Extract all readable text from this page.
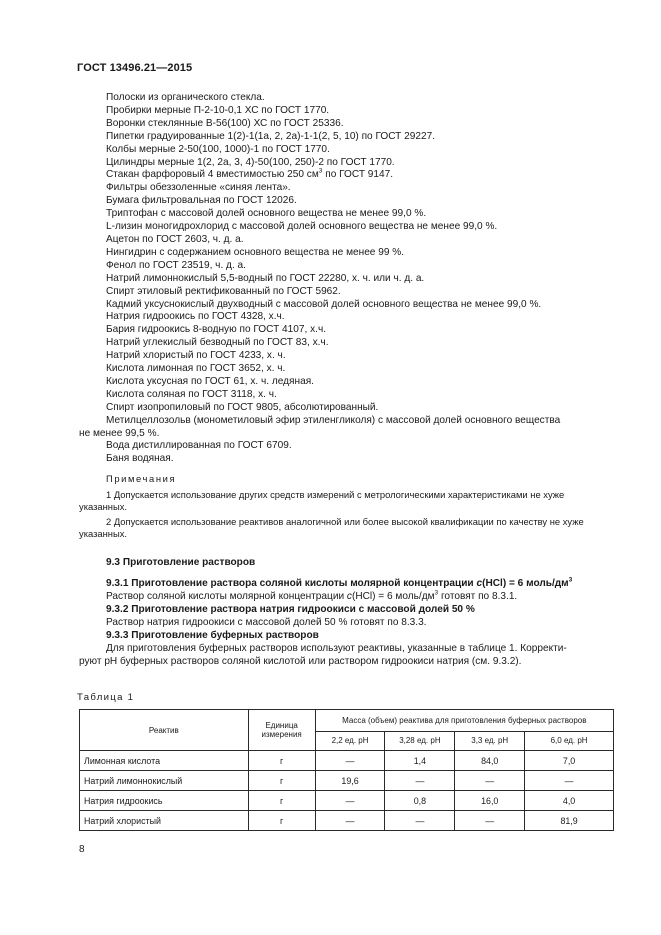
ГОСТ 13496.21—2015
Полоски из органического стекла.
Пробирки мерные П-2-10-0,1 ХС по ГОСТ 1770.
Воронки стеклянные В-56(100) ХС по ГОСТ 25336.
Пипетки градуированные 1(2)-1(1а, 2, 2а)-1-1(2, 5, 10) по ГОСТ 29227.
Колбы мерные 2-50(100, 1000)-1 по ГОСТ 1770.
Цилиндры мерные 1(2, 2а, 3, 4)-50(100, 250)-2 по ГОСТ 1770.
Стакан фарфоровый 4 вместимостью 250 $см^3$ по ГОСТ 9147.
Фильтры обеззоленные «синяя лента».
Бумага фильтровальная по ГОСТ 12026.
Триптофан с массовой долей основного вещества не менее 99,0 %.
L-лизин моногидрохлорид с массовой долей основного вещества не менее 99,0 %.
Ацетон по ГОСТ 2603, ч. д. а.
Нингидрин с содержанием основного вещества не менее 99 %.
Фенол по ГОСТ 23519, ч. д. а.
Натрий лимоннокислый 5,5-водный по ГОСТ 22280, х. ч. или ч. д. а.
Спирт этиловый ректификованный по ГОСТ 5962.
Кадмий уксуснокислый двухводный с массовой долей основного вещества не менее 99,0 %.
Натрия гидроокись по ГОСТ 4328, х.ч.
Бария гидроокись 8-водную по ГОСТ 4107, х.ч.
Натрий углекислый безводный по ГОСТ 83, х.ч.
Натрий хлористый по ГОСТ 4233, х. ч.
Кислота лимонная по ГОСТ 3652, х. ч.
Кислота уксусная по ГОСТ 61, х. ч. ледяная.
Кислота соляная по ГОСТ 3118, х. ч.
Спирт изопропиловый по ГОСТ 9805, абсолютированный.
Метилцеллозольв (монометиловый эфир этиленгликоля) с массовой долей основного вещества
не менее 99,5 %.
Вода дистиллированная по ГОСТ 6709.
Баня водяная.
Примечания
1 Допускается использование других средств измерений с метрологическими характеристиками не хуже
указанных.
2 Допускается использование реактивов аналогичной или более высокой квалификации по качеству не хуже
указанных.
9.3 Приготовление растворов
9.3.1 Приготовление раствора соляной кислоты молярной концентрации c(HCl) = 6 моль/$дм^3$
Раствор соляной кислоты молярной концентрации c(HCl) = 6 моль/$дм^3$ готовят по 8.3.1.
9.3.2 Приготовление раствора натрия гидроокиси с массовой долей 50 %
Раствор натрия гидроокиси с массовой долей 50 % готовят по 8.3.3.
9.3.3 Приготовление буферных растворов
Для приготовления буферных растворов используют реактивы, указанные в таблице 1. Корректи-
руют pH буферных растворов соляной кислотой или раствором гидроокиси натрия (см. 9.3.2).
Таблица 1
Реактив	Единица измерения	Масса (объем) реактива для приготовления буферных растворов			
		2,2 ед. pH	3,28 ед. pH	3,3 ед. pH	6,0 ед. pH
Лимонная кислота	г	—	1,4	84,0	7,0
Натрий лимоннокислый	г	19,6	—	—	—
Натрия гидроокись	г	—	0,8	16,0	4,0
Натрий хлористый	г	—	—	—	81,9
8
